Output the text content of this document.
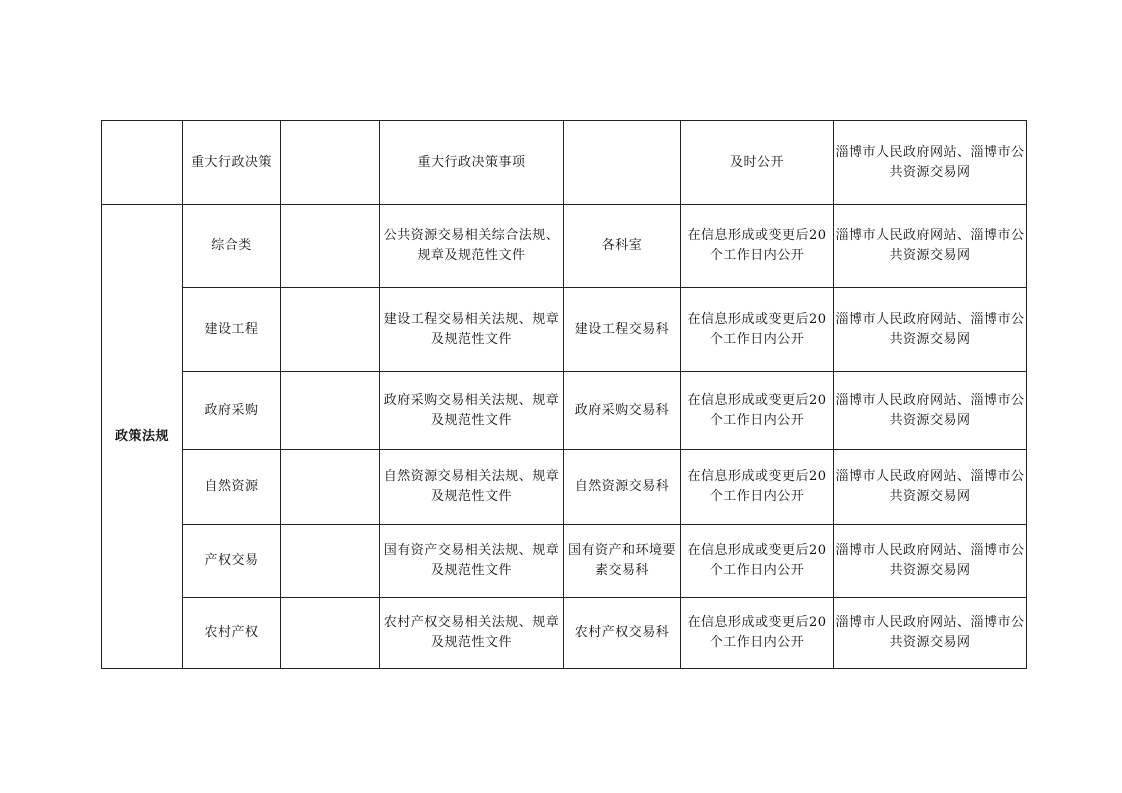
	重大行政决策		重大行政决策事项		及时公开	淄博市人民政府网站、淄博市公共资源交易网
政策法规	综合类		公共资源交易相关综合法规、规章及规范性文件	各科室	在信息形成或变更后20个工作日内公开	淄博市人民政府网站、淄博市公共资源交易网
	建设工程		建设工程交易相关法规、规章及规范性文件	建设工程交易科	在信息形成或变更后20个工作日内公开	淄博市人民政府网站、淄博市公共资源交易网
	政府采购		政府采购交易相关法规、规章及规范性文件	政府采购交易科	在信息形成或变更后20个工作日内公开	淄博市人民政府网站、淄博市公共资源交易网
	自然资源		自然资源交易相关法规、规章及规范性文件	自然资源交易科	在信息形成或变更后20个工作日内公开	淄博市人民政府网站、淄博市公共资源交易网
	产权交易		国有资产交易相关法规、规章及规范性文件	国有资产和环境要素交易科	在信息形成或变更后20个工作日内公开	淄博市人民政府网站、淄博市公共资源交易网
	农村产权		农村产权交易相关法规、规章及规范性文件	农村产权交易科	在信息形成或变更后20个工作日内公开	淄博市人民政府网站、淄博市公共资源交易网
